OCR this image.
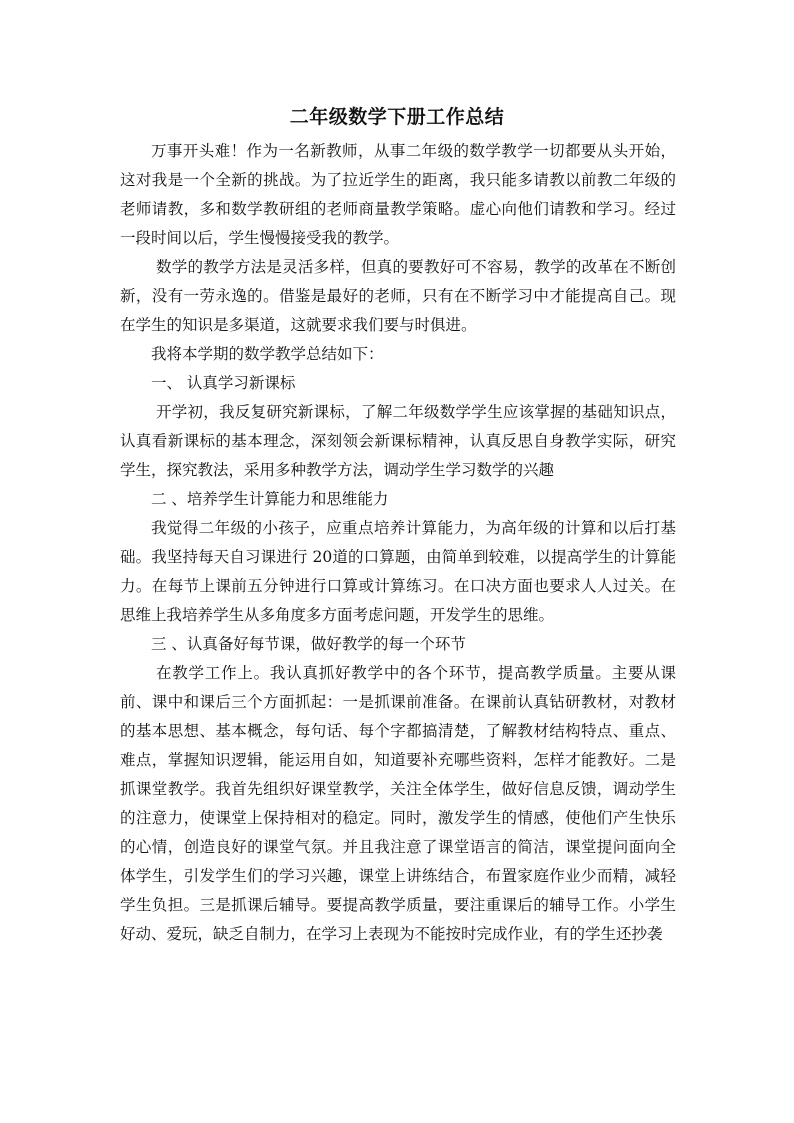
二年级数学下册工作总结

万事开头难！作为一名新教师，从事二年级的数学教学一切都要从头开始，这对我是一个全新的挑战。为了拉近学生的距离，我只能多请教以前教二年级的老师请教，多和数学教研组的老师商量教学策略。虚心向他们请教和学习。经过一段时间以后，学生慢慢接受我的教学。

数学的教学方法是灵活多样，但真的要教好可不容易，教学的改革在不断创新，没有一劳永逸的。借鉴是最好的老师，只有在不断学习中才能提高自己。现在学生的知识是多渠道，这就要求我们要与时俱进。

我将本学期的数学教学总结如下：

一、 认真学习新课标

开学初，我反复研究新课标，了解二年级数学学生应该掌握的基础知识点，认真看新课标的基本理念，深刻领会新课标精神，认真反思自身教学实际，研究学生，探究教法，采用多种教学方法，调动学生学习数学的兴趣

二 、培养学生计算能力和思维能力

我觉得二年级的小孩子，应重点培养计算能力，为高年级的计算和以后打基础。我坚持每天自习课进行 20道的口算题，由简单到较难，以提高学生的计算能力。在每节上课前五分钟进行口算或计算练习。在口决方面也要求人人过关。在思维上我培养学生从多角度多方面考虑问题，开发学生的思维。

三 、认真备好每节课，做好教学的每一个环节

在教学工作上。我认真抓好教学中的各个环节，提高教学质量。主要从课前、课中和课后三个方面抓起：一是抓课前准备。在课前认真钻研教材，对教材的基本思想、基本概念，每句话、每个字都搞清楚，了解教材结构特点、重点、难点，掌握知识逻辑，能运用自如，知道要补充哪些资料，怎样才能教好。二是抓课堂教学。我首先组织好课堂教学，关注全体学生，做好信息反馈，调动学生的注意力，使课堂上保持相对的稳定。同时，激发学生的情感，使他们产生快乐的心情，创造良好的课堂气氛。并且我注意了课堂语言的简洁，课堂提问面向全体学生，引发学生们的学习兴趣，课堂上讲练结合，布置家庭作业少而精，减轻学生负担。三是抓课后辅导。要提高教学质量，要注重课后的辅导工作。小学生好动、爱玩，缺乏自制力，在学习上表现为不能按时完成作业，有的学生还抄袭
